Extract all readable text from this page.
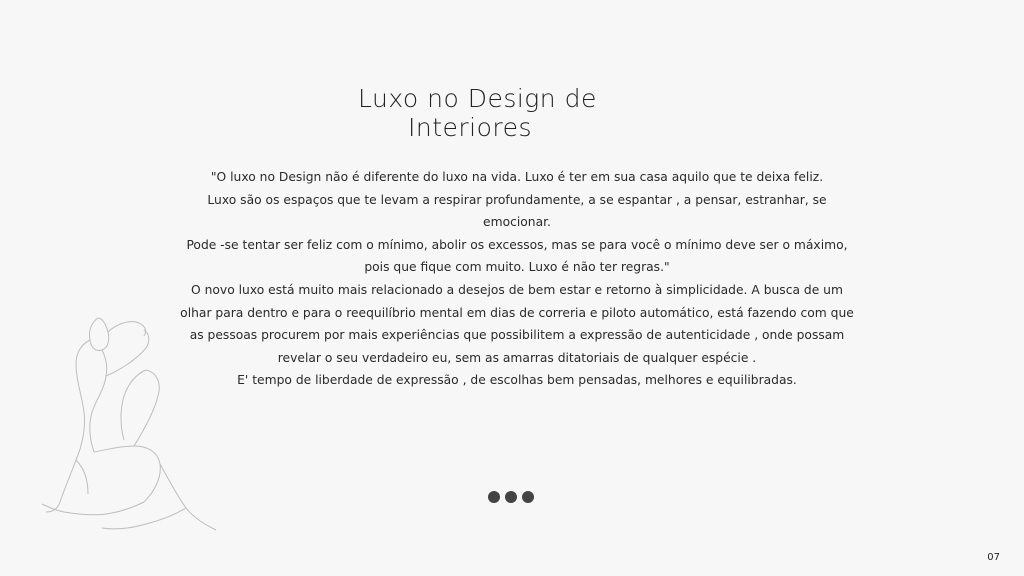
Luxo no Design de
Interiores

"O luxo no Design não é diferente do luxo na vida. Luxo é ter em sua casa aquilo que te deixa feliz.

Luxo são os espaços que te levam a respirar profundamente, a se espantar , a pensar, estranhar, se emocionar.

Pode -se tentar ser feliz com o mínimo, abolir os excessos, mas se para você o mínimo deve ser o máximo, pois que fique com muito. Luxo é não ter regras."

O novo luxo está muito mais relacionado a desejos de bem estar e retorno à simplicidade. A busca de um olhar para dentro e para o reequilíbrio mental em dias de correria e piloto automático, está fazendo com que as pessoas procurem por mais experiências que possibilitem a expressão de autenticidade , onde possam revelar o seu verdadeiro eu, sem as amarras ditatoriais de qualquer espécie .

E' tempo de liberdade de expressão , de escolhas bem pensadas, melhores e equilibradas.

07
